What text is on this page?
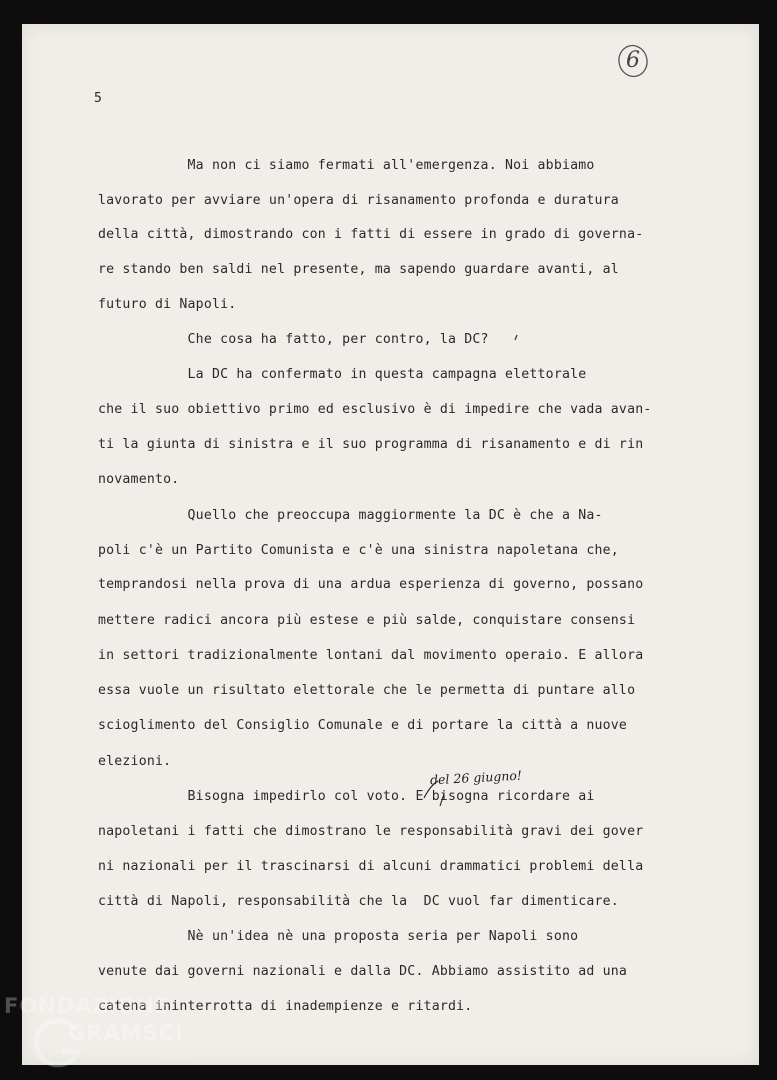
6
5
Ma non ci siamo fermati all'emergenza. Noi abbiamo
lavorato per avviare un'opera di risanamento profonda e duratura
della città, dimostrando con i fatti di essere in grado di governa-
re stando ben saldi nel presente, ma sapendo guardare avanti, al
futuro di Napoli.
Che cosa ha fatto, per contro, la DC?
La DC ha confermato in questa campagna elettorale
che il suo obiettivo primo ed esclusivo è di impedire che vada avan-
ti la giunta di sinistra e il suo programma di risanamento e di rin
novamento.
Quello che preoccupa maggiormente la DC è che a Na-
poli c'è un Partito Comunista e c'è una sinistra napoletana che,
temprandosi nella prova di una ardua esperienza di governo, possano
mettere radici ancora più estese e più salde, conquistare consensi
in settori tradizionalmente lontani dal movimento operaio. E allora
essa vuole un risultato elettorale che le permetta di puntare allo
scioglimento del Consiglio Comunale e di portare la città a nuove
elezioni.
Bisogna impedirlo col voto. E bisogna ricordare ai
napoletani i fatti che dimostrano le responsabilità gravi dei gover
ni nazionali per il trascinarsi di alcuni drammatici problemi della
città di Napoli, responsabilità che la  DC vuol far dimenticare.
Nè un'idea nè una proposta seria per Napoli sono
venute dai governi nazionali e dalla DC. Abbiamo assistito ad una
catena ininterrotta di inadempienze e ritardi.
del 26 giugno!
FONDAZIONE
GRAMSCI
onlus
